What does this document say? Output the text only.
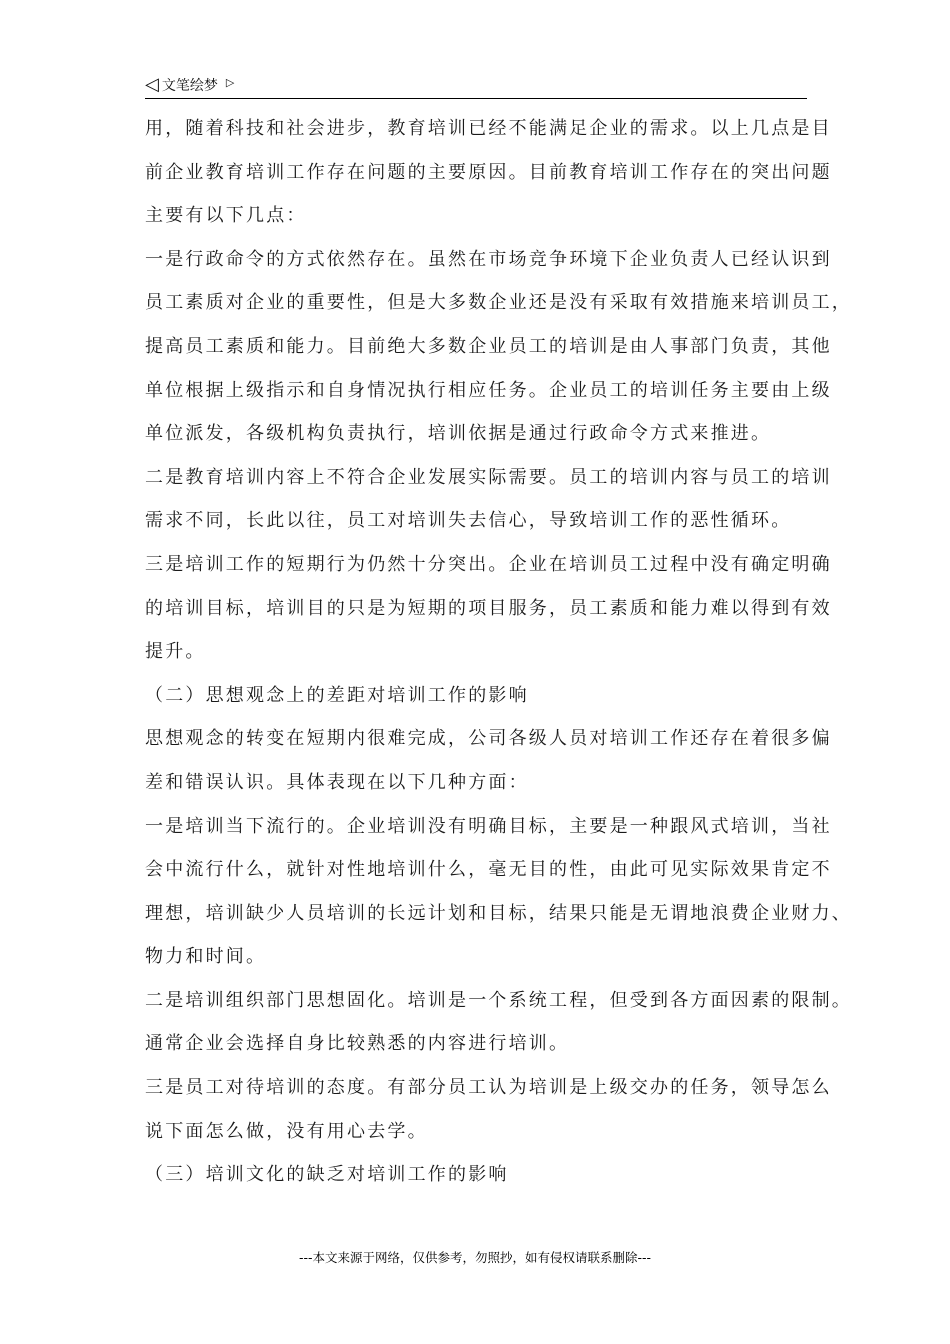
◁ 文笔绘梦 ▷
用，随着科技和社会进步，教育培训已经不能满足企业的需求。以上几点是目
前企业教育培训工作存在问题的主要原因。目前教育培训工作存在的突出问题
主要有以下几点：
一是行政命令的方式依然存在。虽然在市场竞争环境下企业负责人已经认识到
员工素质对企业的重要性，但是大多数企业还是没有采取有效措施来培训员工，
提高员工素质和能力。目前绝大多数企业员工的培训是由人事部门负责，其他
单位根据上级指示和自身情况执行相应任务。企业员工的培训任务主要由上级
单位派发，各级机构负责执行，培训依据是通过行政命令方式来推进。
二是教育培训内容上不符合企业发展实际需要。员工的培训内容与员工的培训
需求不同，长此以往，员工对培训失去信心，导致培训工作的恶性循环。
三是培训工作的短期行为仍然十分突出。企业在培训员工过程中没有确定明确
的培训目标，培训目的只是为短期的项目服务，员工素质和能力难以得到有效
提升。
（二）思想观念上的差距对培训工作的影响
思想观念的转变在短期内很难完成，公司各级人员对培训工作还存在着很多偏
差和错误认识。具体表现在以下几种方面：
一是培训当下流行的。企业培训没有明确目标，主要是一种跟风式培训，当社
会中流行什么，就针对性地培训什么，毫无目的性，由此可见实际效果肯定不
理想，培训缺少人员培训的长远计划和目标，结果只能是无谓地浪费企业财力、
物力和时间。
二是培训组织部门思想固化。培训是一个系统工程，但受到各方面因素的限制。
通常企业会选择自身比较熟悉的内容进行培训。
三是员工对待培训的态度。有部分员工认为培训是上级交办的任务，领导怎么
说下面怎么做，没有用心去学。
（三）培训文化的缺乏对培训工作的影响
---本文来源于网络，仅供参考，勿照抄，如有侵权请联系删除---
